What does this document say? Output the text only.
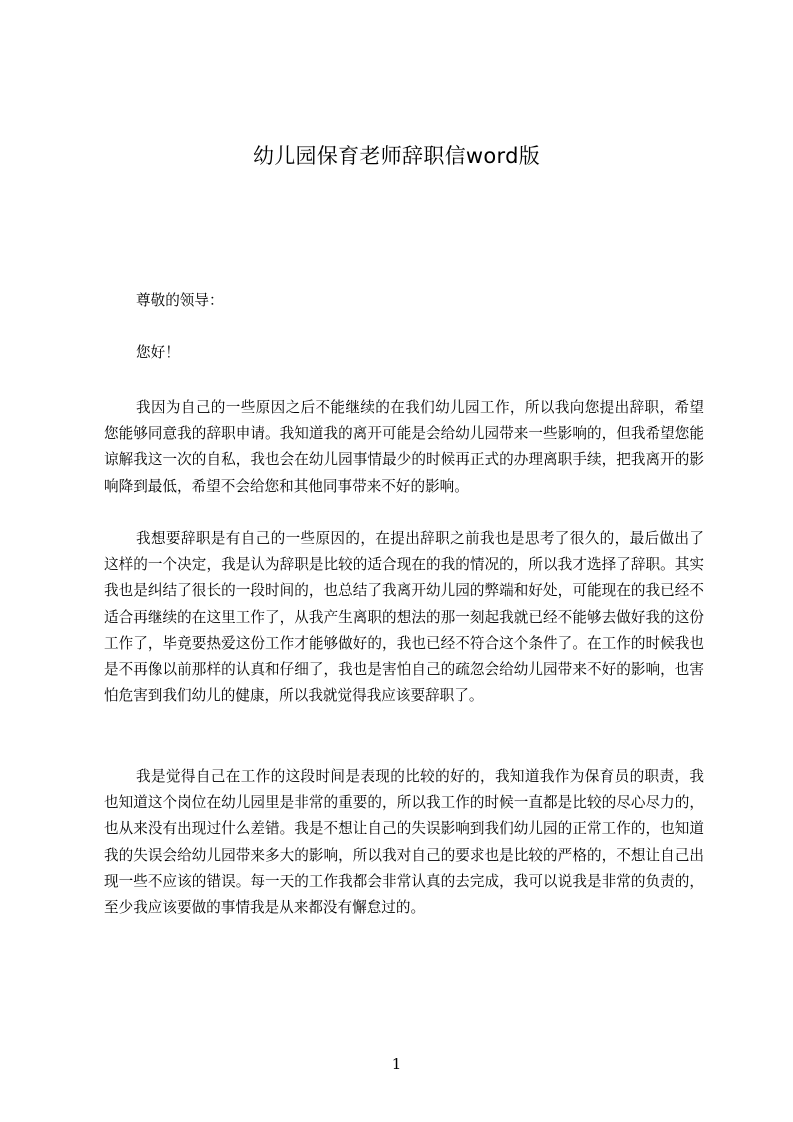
幼儿园保育老师辞职信word版

尊敬的领导：

您好！

我因为自己的一些原因之后不能继续的在我们幼儿园工作，所以我向您提出辞职，希望您能够同意我的辞职申请。我知道我的离开可能是会给幼儿园带来一些影响的，但我希望您能谅解我这一次的自私，我也会在幼儿园事情最少的时候再正式的办理离职手续，把我离开的影响降到最低，希望不会给您和其他同事带来不好的影响。

我想要辞职是有自己的一些原因的，在提出辞职之前我也是思考了很久的，最后做出了这样的一个决定，我是认为辞职是比较的适合现在的我的情况的，所以我才选择了辞职。其实我也是纠结了很长的一段时间的，也总结了我离开幼儿园的弊端和好处，可能现在的我已经不适合再继续的在这里工作了，从我产生离职的想法的那一刻起我就已经不能够去做好我的这份工作了，毕竟要热爱这份工作才能够做好的，我也已经不符合这个条件了。在工作的时候我也是不再像以前那样的认真和仔细了，我也是害怕自己的疏忽会给幼儿园带来不好的影响，也害怕危害到我们幼儿的健康，所以我就觉得我应该要辞职了。

我是觉得自己在工作的这段时间是表现的比较的好的，我知道我作为保育员的职责，我也知道这个岗位在幼儿园里是非常的重要的，所以我工作的时候一直都是比较的尽心尽力的，也从来没有出现过什么差错。我是不想让自己的失误影响到我们幼儿园的正常工作的，也知道我的失误会给幼儿园带来多大的影响，所以我对自己的要求也是比较的严格的，不想让自己出现一些不应该的错误。每一天的工作我都会非常认真的去完成，我可以说我是非常的负责的，至少我应该要做的事情我是从来都没有懈怠过的。

1
